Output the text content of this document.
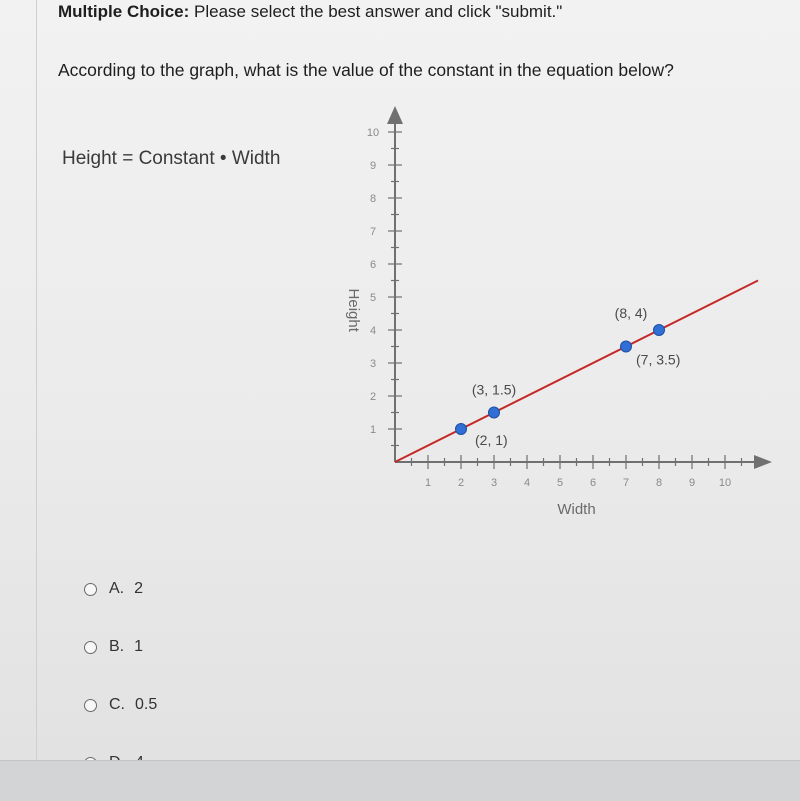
Multiple Choice: Please select the best answer and click "submit."
According to the graph, what is the value of the constant in the equation below?
Height = Constant • Width
1 2 3 4 5 6 7 8 9 10
1
2
3
4
5
6
7
8
9
10
Width
Height
(2, 1)
(3, 1.5)
(7, 3.5)
(8, 4)
A. 2
B. 1
C. 0.5
